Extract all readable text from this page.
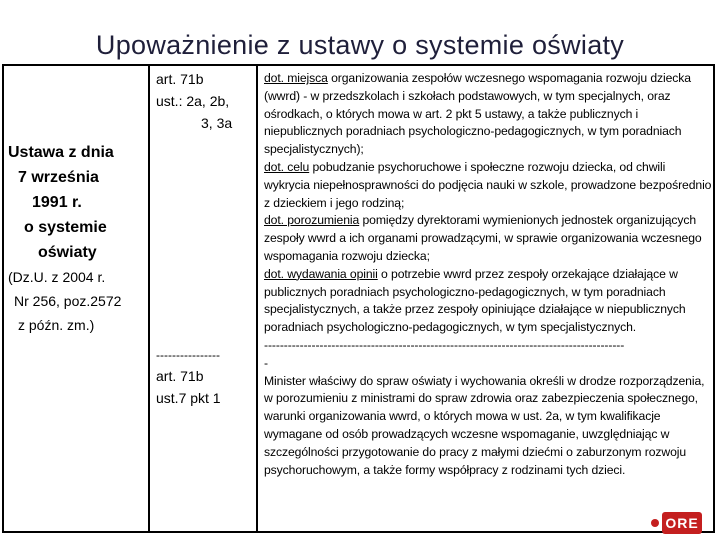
Upoważnienie z ustawy o systemie oświaty
Ustawa z dnia
7 września
1991 r.
o systemie
oświaty
(Dz.U. z 2004 r.
Nr 256, poz.2572
z późn. zm.)
art. 71b
ust.: 2a, 2b,
3, 3a
----------------
art. 71b
ust.7 pkt 1

dot. miejsca organizowania zespołów wczesnego wspomagania rozwoju dziecka (wwrd) - w przedszkolach i szkołach podstawowych, w tym specjalnych, oraz ośrodkach, o których mowa w art. 2 pkt 5 ustawy, a także publicznych i niepublicznych poradniach psychologiczno-pedagogicznych, w tym poradniach specjalistycznych);

dot. celu pobudzanie psychoruchowe i społeczne rozwoju dziecka, od chwili wykrycia niepełnosprawności do podjęcia nauki w szkole, prowadzone bezpośrednio z dzieckiem i jego rodziną;

dot. porozumienia pomiędzy dyrektorami wymienionych jednostek organizujących zespoły wwrd a ich organami prowadzącymi, w sprawie organizowania wczesnego wspomagania rozwoju dziecka;

dot. wydawania opinii o potrzebie wwrd przez zespoły orzekające działające w publicznych poradniach psychologiczno-pedagogicznych, w tym poradniach specjalistycznych, a także przez zespoły opiniujące działające w niepublicznych poradniach psychologiczno-pedagogicznych, w tym specjalistycznych.

-------------------------------------------------------------------------------------------

-

Minister właściwy do spraw oświaty i wychowania określi w drodze rozporządzenia, w porozumieniu z ministrami do spraw zdrowia oraz zabezpieczenia społecznego, warunki organizowania wwrd, o których mowa w ust. 2a, w tym kwalifikacje wymagane od osób prowadzących wczesne wspomaganie, uwzględniając w szczególności przygotowanie do pracy z małymi dziećmi o zaburzonym rozwoju psychoruchowym, a także formy współpracy z rodzinami tych dzieci.

ORE
